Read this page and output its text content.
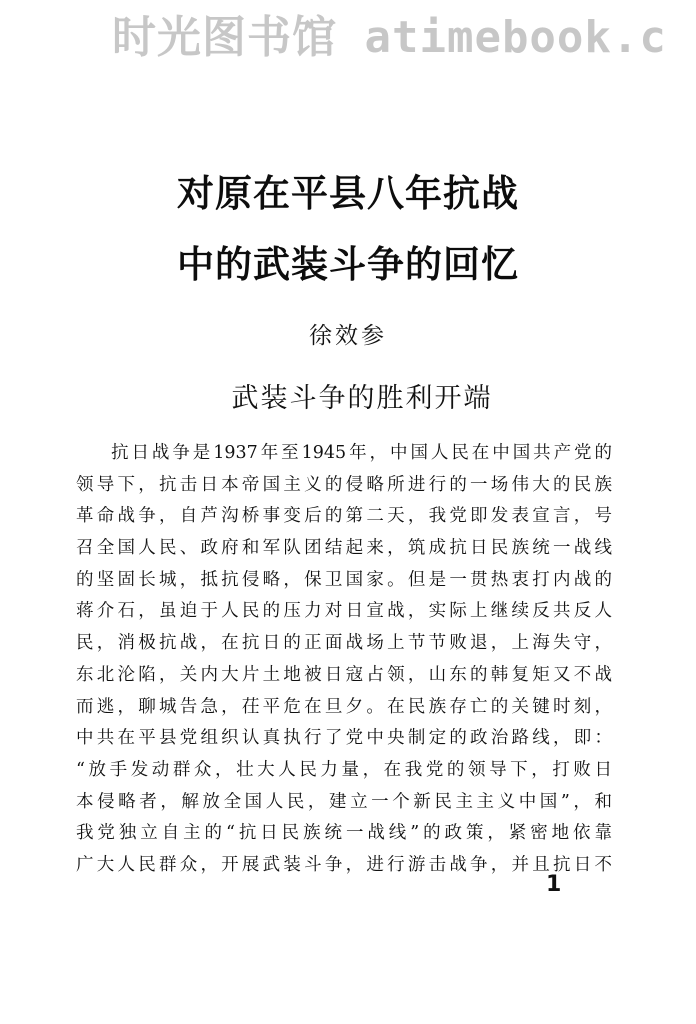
时光图书馆 atimebook.c
对原在平县八年抗战
中的武装斗争的回忆
徐效参
武装斗争的胜利开端
抗日战争是1937年至1945年，中国人民在中国共产党的
领导下，抗击日本帝国主义的侵略所进行的一场伟大的民族
革命战争，自芦沟桥事变后的第二天，我党即发表宣言，号
召全国人民、政府和军队团结起来，筑成抗日民族统一战线
的坚固长城，抵抗侵略，保卫国家。但是一贯热衷打内战的
蒋介石，虽迫于人民的压力对日宣战，实际上继续反共反人
民，消极抗战，在抗日的正面战场上节节败退，上海失守，
东北沦陷，关内大片土地被日寇占领，山东的韩复矩又不战
而逃，聊城告急，茌平危在旦夕。在民族存亡的关键时刻，
中共在平县党组织认真执行了党中央制定的政治路线，即：
“放手发动群众，壮大人民力量，在我党的领导下，打败日
本侵略者，解放全国人民，建立一个新民主主义中国”，和
我党独立自主的“抗日民族统一战线”的政策，紧密地依靠
广大人民群众，开展武装斗争，进行游击战争，并且抗日不
1
